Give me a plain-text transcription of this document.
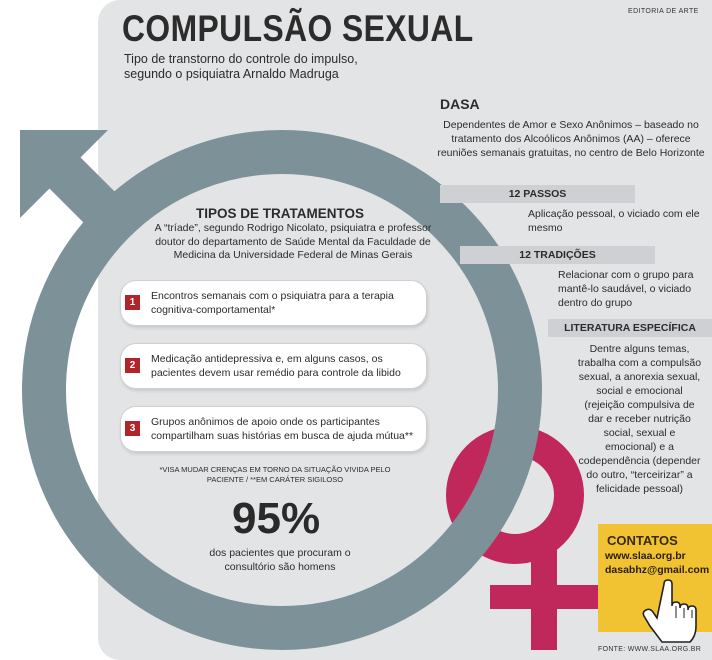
EDITORIA DE ARTE
COMPULSÃO SEXUAL
Tipo de transtorno do controle do impulso,
segundo o psiquiatra Arnaldo Madruga
DASA
Dependentes de Amor e Sexo Anônimos – baseado no tratamento dos Alcoólicos Anônimos (AA) – oferece reuniões semanais gratuitas, no centro de Belo Horizonte
12 PASSOS
Aplicação pessoal, o viciado com ele mesmo
12 TRADIÇÕES
Relacionar com o grupo para mantê-lo saudável, o viciado dentro do grupo
LITERATURA ESPECÍFICA
Dentre alguns temas, trabalha com a compulsão sexual, a anorexia sexual, social e emocional (rejeição compulsiva de dar e receber nutrição social, sexual e emocional) e a codependência (depender do outro, “terceirizar” a felicidade pessoal)
TIPOS DE TRATAMENTOS
A “tríade”, segundo Rodrigo Nicolato, psiquiatra e professor doutor do departamento de Saúde Mental da Faculdade de Medicina da Universidade Federal de Minas Gerais
1
Encontros semanais com o psiquiatra para a terapia cognitiva-comportamental*
2
Medicação antidepressiva e, em alguns casos, os pacientes devem usar remédio para controle da libido
3
Grupos anônimos de apoio onde os participantes compartilham suas histórias em busca de ajuda mútua**
*VISA MUDAR CRENÇAS EM TORNO DA SITUAÇÃO VIVIDA PELO PACIENTE / **EM CARÁTER SIGILOSO
95%
dos pacientes que procuram o consultório são homens
CONTATOS
www.slaa.org.br
dasabhz@gmail.com
FONTE: WWW.SLAA.ORG.BR
